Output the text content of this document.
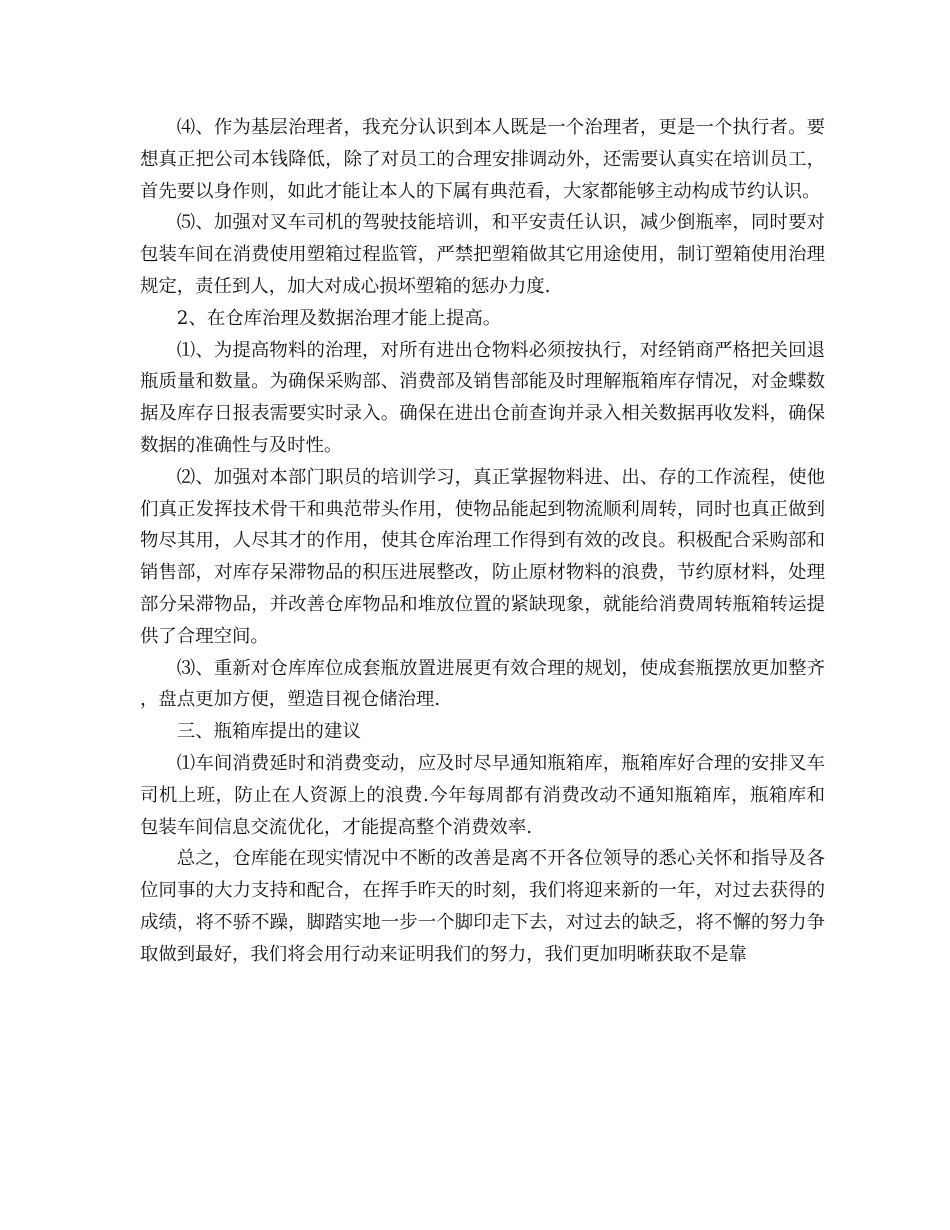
⑷、作为基层治理者，我充分认识到本人既是一个治理者，更是一个执行者。要想真正把公司本钱降低，除了对员工的合理安排调动外，还需要认真实在培训员工，首先要以身作则，如此才能让本人的下属有典范看，大家都能够主动构成节约认识。

⑸、加强对叉车司机的驾驶技能培训，和平安责任认识，减少倒瓶率，同时要对包装车间在消费使用塑箱过程监管，严禁把塑箱做其它用途使用，制订塑箱使用治理规定，责任到人，加大对成心损坏塑箱的惩办力度.

2、在仓库治理及数据治理才能上提高。

⑴、为提高物料的治理，对所有进出仓物料必须按执行，对经销商严格把关回退瓶质量和数量。为确保采购部、消费部及销售部能及时理解瓶箱库存情况，对金蝶数据及库存日报表需要实时录入。确保在进出仓前查询并录入相关数据再收发料，确保数据的准确性与及时性。

⑵、加强对本部门职员的培训学习，真正掌握物料进、出、存的工作流程，使他们真正发挥技术骨干和典范带头作用，使物品能起到物流顺利周转，同时也真正做到物尽其用，人尽其才的作用，使其仓库治理工作得到有效的改良。积极配合采购部和销售部，对库存呆滞物品的积压进展整改，防止原材物料的浪费，节约原材料，处理部分呆滞物品，并改善仓库物品和堆放位置的紧缺现象，就能给消费周转瓶箱转运提供了合理空间。

⑶、重新对仓库库位成套瓶放置进展更有效合理的规划，使成套瓶摆放更加整齐，盘点更加方便，塑造目视仓储治理.

三、瓶箱库提出的建议

⑴车间消费延时和消费变动，应及时尽早通知瓶箱库，瓶箱库好合理的安排叉车司机上班，防止在人资源上的浪费.今年每周都有消费改动不通知瓶箱库，瓶箱库和包装车间信息交流优化，才能提高整个消费效率.

总之，仓库能在现实情况中不断的改善是离不开各位领导的悉心关怀和指导及各位同事的大力支持和配合，在挥手昨天的时刻，我们将迎来新的一年，对过去获得的成绩，将不骄不躁，脚踏实地一步一个脚印走下去，对过去的缺乏，将不懈的努力争取做到最好，我们将会用行动来证明我们的努力，我们更加明晰获取不是靠
